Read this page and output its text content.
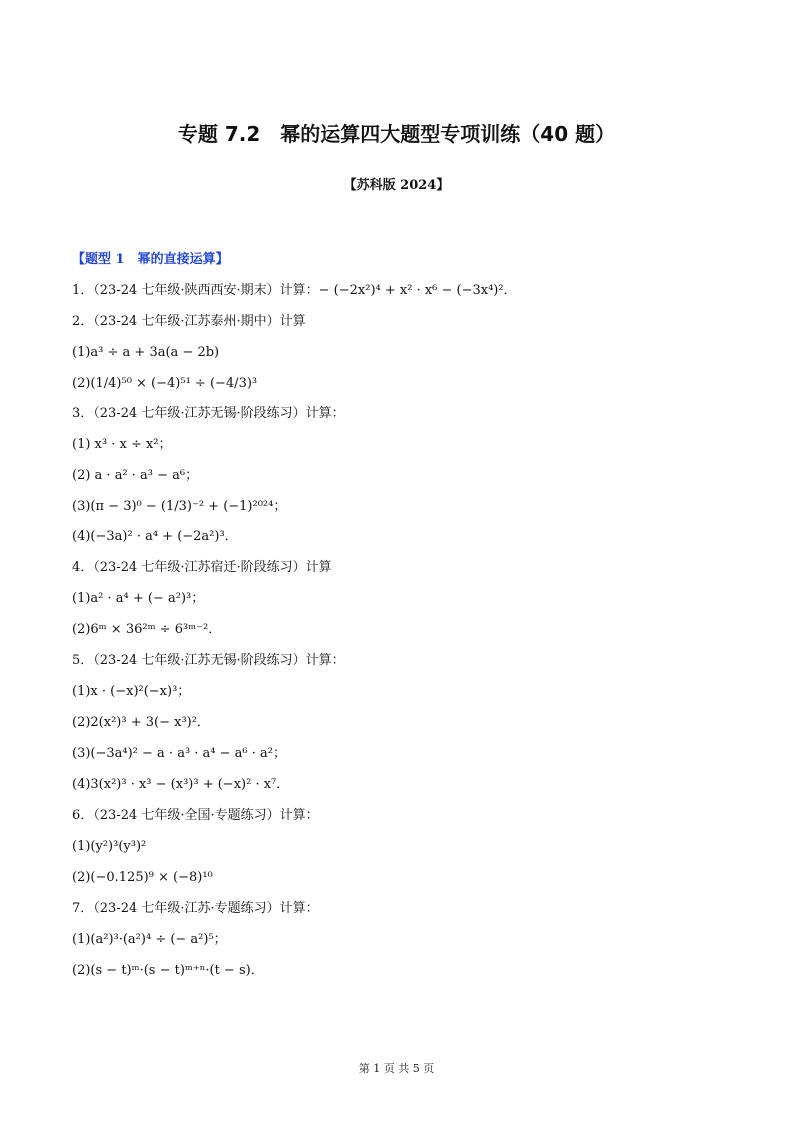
专题 7.2　幂的运算四大题型专项训练（40 题）
【苏科版 2024】
【题型 1　幂的直接运算】
1．（23-24 七年级·陕西西安·期末）计算：− (−2x²)⁴ + x² · x⁶ − (−3x⁴)²．
2．（23-24 七年级·江苏泰州·期中）计算
(1)a³ ÷ a + 3a(a − 2b)
(2)(1/4)⁵⁰ × (−4)⁵¹ ÷ (−4/3)³
3．（23-24 七年级·江苏无锡·阶段练习）计算：
(1) x³ · x ÷ x²；
(2) a · a² · a³ − a⁶；
(3)(π − 3)⁰ − (1/3)⁻² + (−1)²⁰²⁴；
(4)(−3a)² · a⁴ + (−2a²)³．
4．（23-24 七年级·江苏宿迁·阶段练习）计算
(1)a² · a⁴ + (− a²)³；
(2)6ᵐ × 36²ᵐ ÷ 6³ᵐ⁻²．
5．（23-24 七年级·江苏无锡·阶段练习）计算：
(1)x · (−x)²(−x)³；
(2)2(x²)³ + 3(− x³)²．
(3)(−3a⁴)² − a · a³ · a⁴ − a⁶ · a²；
(4)3(x²)³ · x³ − (x³)³ + (−x)² · x⁷．
6．（23-24 七年级·全国·专题练习）计算：
(1)(y²)³(y³)²
(2)(−0.125)⁹ × (−8)¹⁰
7．（23-24 七年级·江苏·专题练习）计算：
(1)(a²)³·(a²)⁴ ÷ (− a²)⁵；
(2)(s − t)ᵐ·(s − t)ᵐ⁺ⁿ·(t − s)．
第 1 页 共 5 页
